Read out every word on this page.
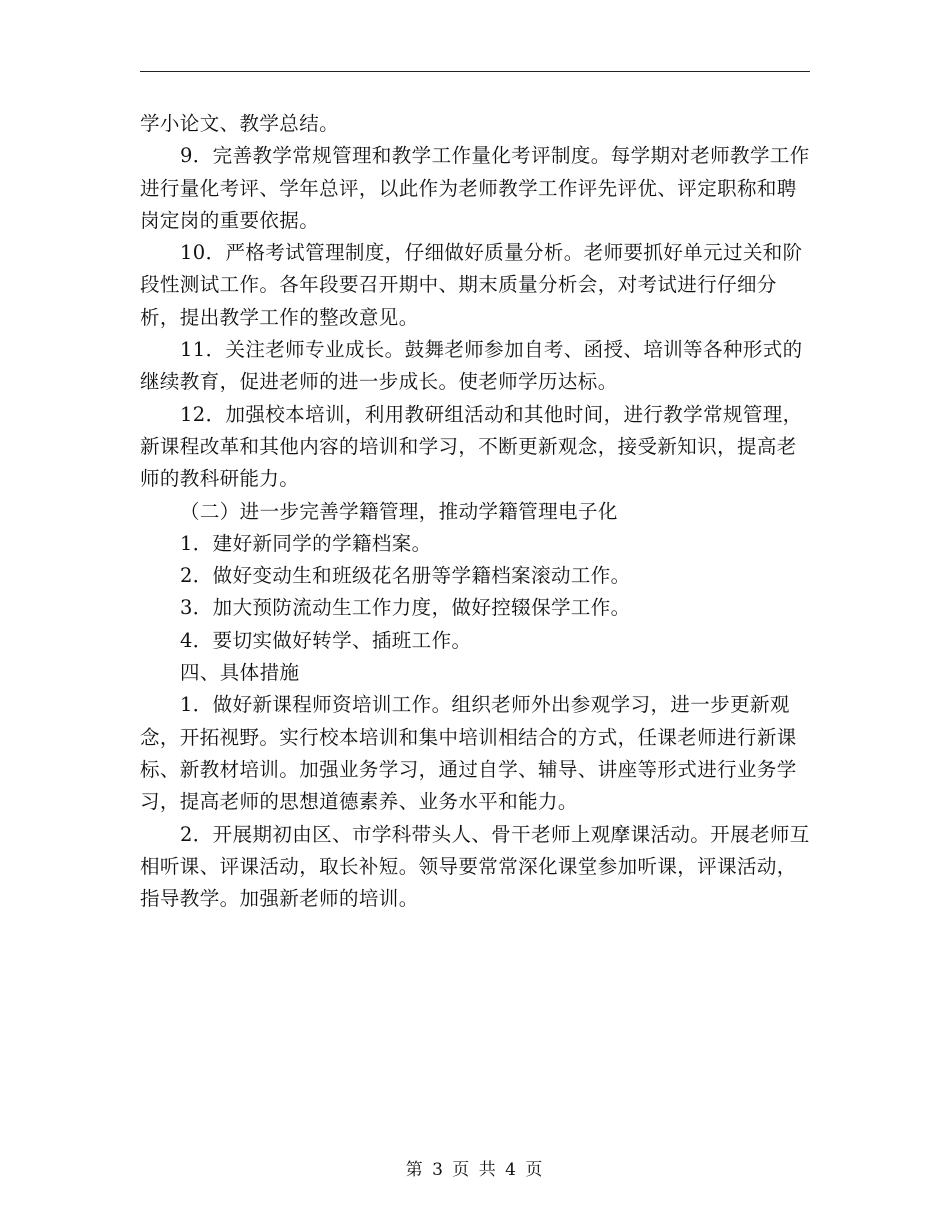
学小论文、教学总结。

9．完善教学常规管理和教学工作量化考评制度。每学期对老师教学工作进行量化考评、学年总评，以此作为老师教学工作评先评优、评定职称和聘岗定岗的重要依据。

10．严格考试管理制度，仔细做好质量分析。老师要抓好单元过关和阶段性测试工作。各年段要召开期中、期末质量分析会，对考试进行仔细分析，提出教学工作的整改意见。

11．关注老师专业成长。鼓舞老师参加自考、函授、培训等各种形式的继续教育，促进老师的进一步成长。使老师学历达标。

12．加强校本培训，利用教研组活动和其他时间，进行教学常规管理，新课程改革和其他内容的培训和学习，不断更新观念，接受新知识，提高老师的教科研能力。

（二）进一步完善学籍管理，推动学籍管理电子化

1．建好新同学的学籍档案。

2．做好变动生和班级花名册等学籍档案滚动工作。

3．加大预防流动生工作力度，做好控辍保学工作。

4．要切实做好转学、插班工作。

四、具体措施

1．做好新课程师资培训工作。组织老师外出参观学习，进一步更新观念，开拓视野。实行校本培训和集中培训相结合的方式，任课老师进行新课标、新教材培训。加强业务学习，通过自学、辅导、讲座等形式进行业务学习，提高老师的思想道德素养、业务水平和能力。

2．开展期初由区、市学科带头人、骨干老师上观摩课活动。开展老师互相听课、评课活动，取长补短。领导要常常深化课堂参加听课，评课活动，指导教学。加强新老师的培训。

第 3 页 共 4 页
